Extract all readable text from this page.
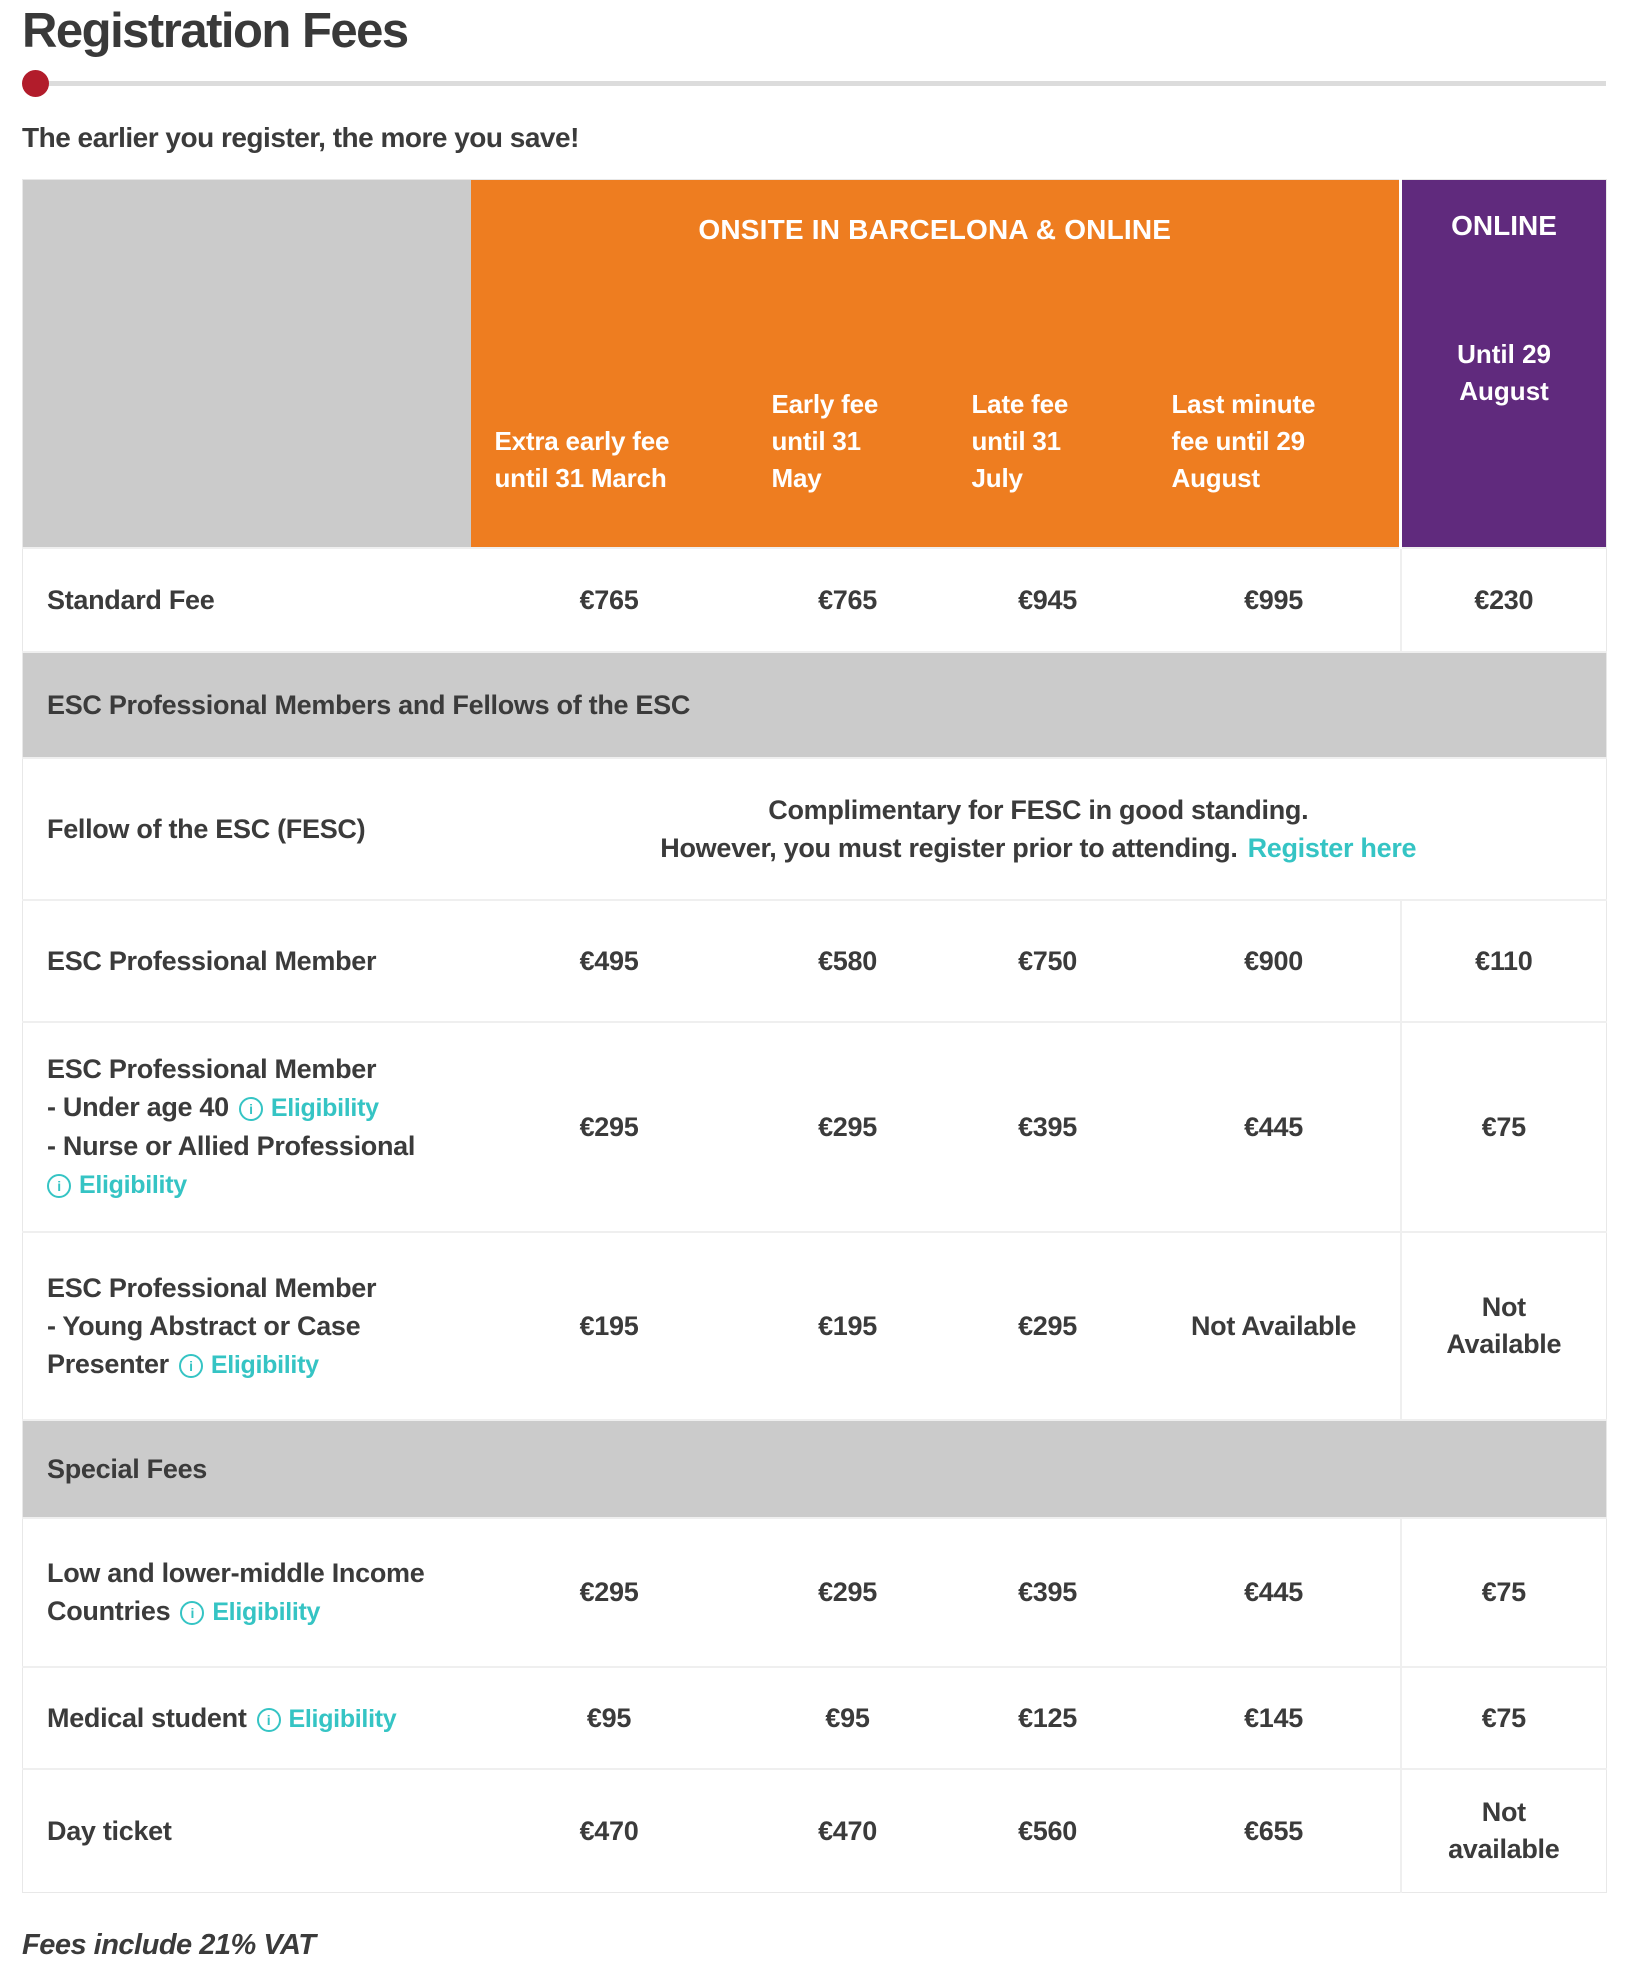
Registration Fees

The earlier you register, the more you save!

	ONSITE IN BARCELONA & ONLINE				ONLINE
Until 29
August

	Extra early fee
until 31 March	Early fee
until 31
May	Late fee
until 31
July	Last minute
fee until 29
August	

Standard Fee	€765	€765	€945	€995	€230
ESC Professional Members and Fellows of the ESC					
Fellow of the ESC (FESC)	Complimentary for FESC in good standing.
However, you must register prior to attending. Register here				

ESC Professional Member	€495	€580	€750	€900	€110

ESC Professional Member
- Under age 40 i Eligibility
- Nurse or Allied Professional
i Eligibility	€295	€295	€395	€445	€75

ESC Professional Member
- Young Abstract or Case
Presenter i Eligibility	€195	€195	€295	Not Available	Not
Available

Special Fees					

Low and lower-middle Income
Countries i Eligibility	€295	€295	€395	€445	€75

Medical student i Eligibility	€95	€95	€125	€145	€75
Day ticket	€470	€470	€560	€655	Not
available

Fees include 21% VAT
